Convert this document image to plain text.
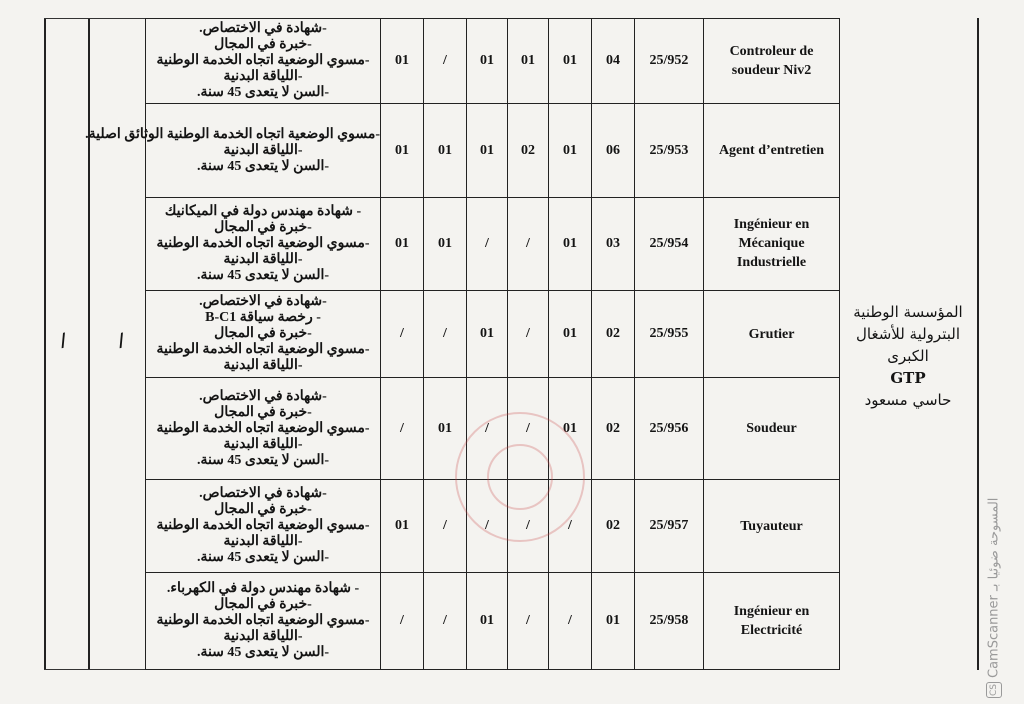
/	/
-شهادة في الاختصاص.
-خبرة في المجال
-مسوي الوضعية اتجاه الخدمة الوطنية
-اللياقة البدنية
-السن لا يتعدى 45 سنة.	01	/	01	01	01	04	25/952	Controleur de soudeur Niv2

-مسوي الوضعية اتجاه الخدمة الوطنية الوثائق اصلية.
-اللياقة البدنية
-السن لا يتعدى 45 سنة.	01	01	01	02	01	06	25/953	Agent d’entretien

- شهادة مهندس دولة في الميكانيك
-خبرة في المجال
-مسوي الوضعية اتجاه الخدمة الوطنية
-اللياقة البدنية
-السن لا يتعدى 45 سنة.	01	01	/	/	01	03	25/954	Ingénieur en Mécanique Industrielle

-شهادة في الاختصاص.
- رخصة سياقة B-C1
-خبرة في المجال
-مسوي الوضعية اتجاه الخدمة الوطنية
-اللياقة البدنية	/	/	01	/	01	02	25/955	Grutier

-شهادة في الاختصاص.
-خبرة في المجال
-مسوي الوضعية اتجاه الخدمة الوطنية
-اللياقة البدنية
-السن لا يتعدى 45 سنة.	/	01	/	/	01	02	25/956	Soudeur

-شهادة في الاختصاص.
-خبرة في المجال
-مسوي الوضعية اتجاه الخدمة الوطنية
-اللياقة البدنية
-السن لا يتعدى 45 سنة.	01	/	/	/	/	02	25/957	Tuyauteur

- شهادة مهندس دولة في الكهرباء.
-خبرة في المجال
-مسوي الوضعية اتجاه الخدمة الوطنية
-اللياقة البدنية
-السن لا يتعدى 45 سنة.	/	/	01	/	/	01	25/958	Ingénieur en Electricité
المؤسسة الوطنية
البترولية للأشغال
الكبرى
GTP
حاسي مسعود
CSCamScanner المسوحة ضوئيا بـ
